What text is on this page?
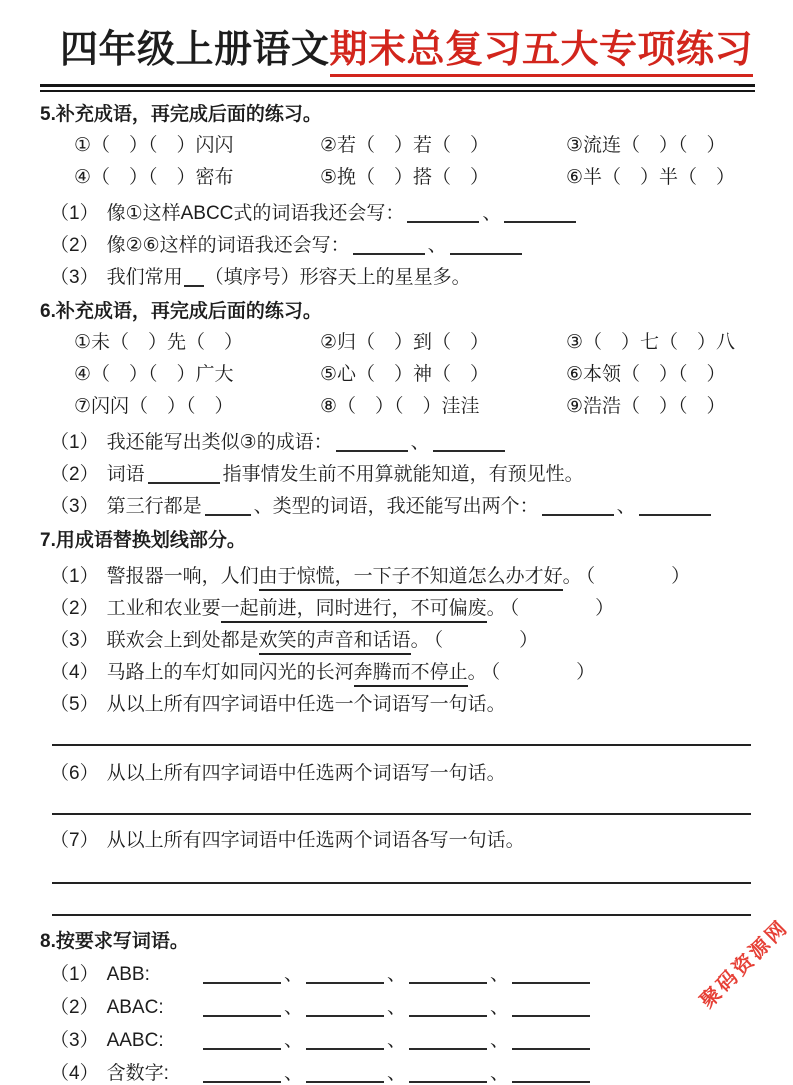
四年级上册语文期末总复习五大专项练习
5.补充成语，再完成后面的练习。
①（　）（　）闪闪	②若（　）若（　）	③流连（　）（　）
④（　）（　）密布	⑤挽（　）搭（　）	⑥半（　）半（　）
（1） 像①这样ABCC式的词语我还会写：	、
（2） 像②⑥这样的词语我还会写：	、
（3） 我们常用 （填序号）形容天上的星星多。
6.补充成语，再完成后面的练习。
①未（　）先（　）	②归（　）到（　）	③（　）七（　）八
④（　）（　）广大	⑤心（　）神（　）	⑥本领（　）（　）
⑦闪闪（　）（　）	⑧（　）（　）洼洼	⑨浩浩（　）（　）
（1） 我还能写出类似③的成语：	、
（2） 词语	指事情发生前不用算就能知道，有预见性。
（3） 第三行都是	、类型的词语，我还能写出两个：	、
7.用成语替换划线部分。
（1） 警报器一响，人们由于惊慌，一下子不知道怎么办才好。 （　　　　）
（2） 工业和农业要一起前进，同时进行，不可偏废。 （　　　　）
（3） 联欢会上到处都是欢笑的声音和话语。 （　　　　）
（4） 马路上的车灯如同闪光的长河奔腾而不停止。 （　　　　）
（5） 从以上所有四字词语中任选一个词语写一句话。
（6） 从以上所有四字词语中任选两个词语写一句话。
（7） 从以上所有四字词语中任选两个词语各写一句话。
8.按要求写词语。
（1） ABB:	、	、	、
（2） ABAC:	、	、	、
（3） AABC:	、	、	、
（4） 含数字:	、	、	、
聚码资源网
